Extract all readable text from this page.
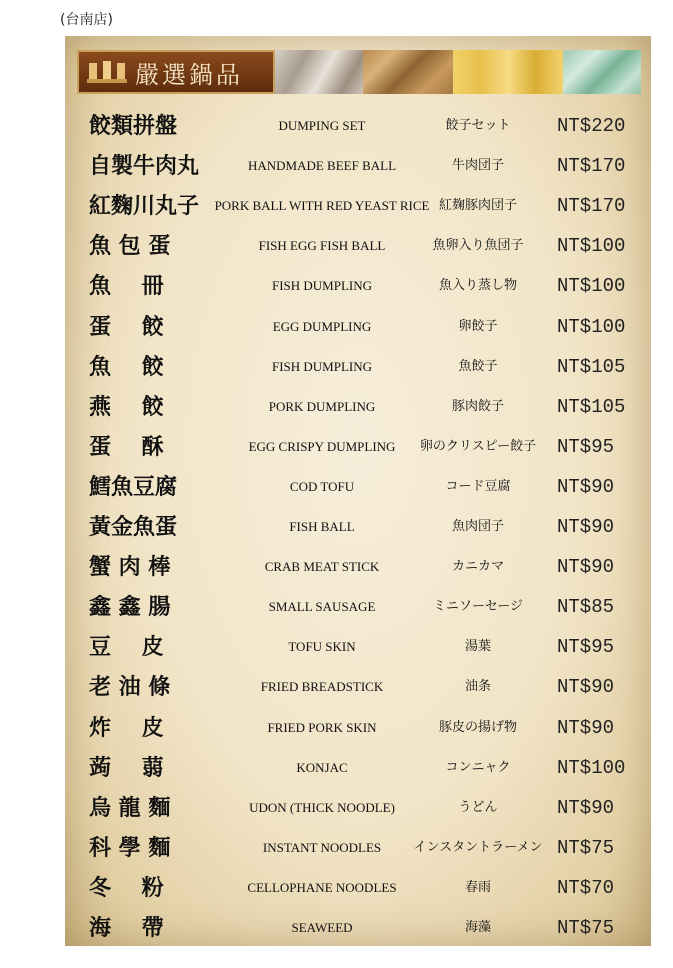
(台南店)
嚴選鍋品
餃類拼盤	DUMPING SET	餃子セット	NT$220
自製牛肉丸	HANDMADE BEEF BALL	牛肉団子	NT$170
紅麴川丸子	PORK BALL WITH RED YEAST RICE 紅麹豚肉団子	NT$170
魚 包 蛋	FISH EGG FISH BALL	魚卵入り魚団子	NT$100
魚    冊	FISH DUMPLING	魚入り蒸し物	NT$100
蛋    餃	EGG DUMPLING	卵餃子	NT$100
魚    餃	FISH DUMPLING	魚餃子	NT$105
燕    餃	PORK DUMPLING	豚肉餃子	NT$105
蛋    酥	EGG CRISPY DUMPLING	卵のクリスピー餃子	NT$95
鱈魚豆腐	COD TOFU	コード豆腐	NT$90
黃金魚蛋	FISH BALL	魚肉団子	NT$90
蟹 肉 棒	CRAB MEAT STICK	カニカマ	NT$90
鑫 鑫 腸	SMALL SAUSAGE	ミニソーセージ	NT$85
豆    皮	TOFU SKIN	湯葉	NT$95
老 油 條	FRIED BREADSTICK	油条	NT$90
炸    皮	FRIED PORK SKIN	豚皮の揚げ物	NT$90
蒟    蒻	KONJAC	コンニャク	NT$100
烏 龍 麵	UDON (THICK NOODLE)	うどん	NT$90
科 學 麵	INSTANT NOODLES	インスタントラーメン NT$75
冬    粉	CELLOPHANE NOODLES	春雨	NT$70
海    帶	SEAWEED	海藻	NT$75
